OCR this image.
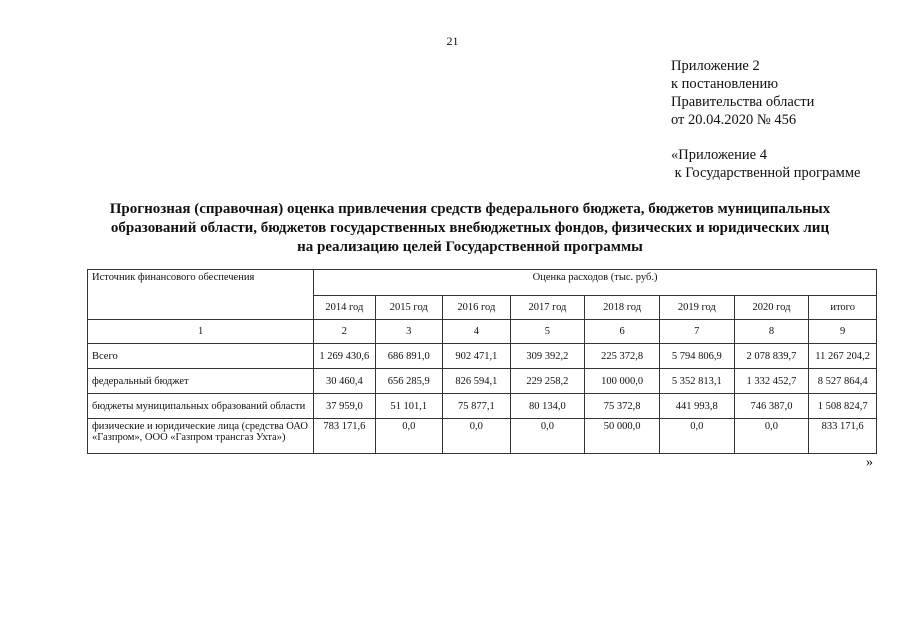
21
Приложение 2
к постановлению
Правительства области
от 20.04.2020 № 456
«Приложение 4
к Государственной программе
Прогнозная (справочная) оценка привлечения средств федерального бюджета, бюджетов муниципальных
образований области, бюджетов государственных внебюджетных фондов, физических и юридических лиц
на реализацию целей Государственной программы
Источник финансового обеспечения	Оценка расходов (тыс. руб.)							
	2014 год	2015 год	2016 год	2017 год	2018 год	2019 год	2020 год	итого
1	2	3	4	5	6	7	8	9
Всего	1 269 430,6	686 891,0	902 471,1	309 392,2	225 372,8	5 794 806,9	2 078 839,7	11 267 204,2
федеральный бюджет	30 460,4	656 285,9	826 594,1	229 258,2	100 000,0	5 352 813,1	1 332 452,7	8 527 864,4
бюджеты муниципальных образований области	37 959,0	51 101,1	75 877,1	80 134,0	75 372,8	441 993,8	746 387,0	1 508 824,7
физические и юридические лица (средства ОАО «Газпром», ООО «Газпром трансгаз Ухта»)	783 171,6	0,0	0,0	0,0	50 000,0	0,0	0,0	833 171,6
»
